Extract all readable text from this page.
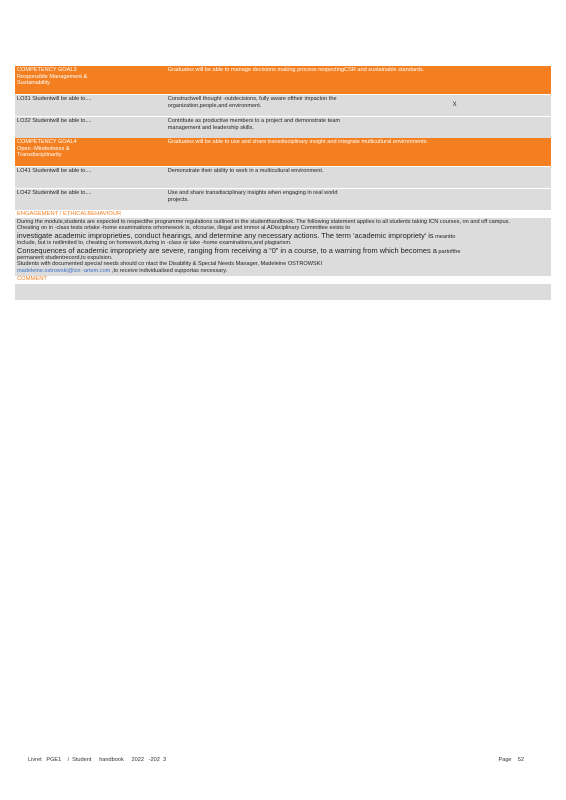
COMPETENCY GOAL3
Responsible Management &
Sustainability	Graduates will be able to manage decisions making process respectingCSR and sustainable standards.	
LO31 Studentwill be able to....	Constructwell thought -outdecisions, fully aware oftheir impacton the organization,people,and environment.	X
LO32 Studentwill be able to....	Contribute as productive members to a project and demonstrate team management and leadership skills.	
COMPETENCY GOAL4
Open -Mindedness &
Transdisciplinarity	Graduates will be able to use and share transdisciplinary insight and integrate multicultural environments.	
LO41 Studentwill be able to....	Demonstrate their ability to work in a multicultural environment.	
LO42 Studentwill be able to....	Use and share transdisciplinary insights when engaging in real world projects.	
ENGAGEMENT / ETHICALBEHAVIOUR

During the module,students are expected to respectthe programme regulations outlined in the studenthandbook. The following statement applies to all students taking ICN courses, on and off campus.

Cheating on in -class tests ortake -home examinations orhomework is, ofcourse, illegal and immor al.ADisciplinary Committee exists to

investigate academic improprieties, conduct hearings, and determine any necessary actions. The term ‘academic impropriety’ is meantto

include, but is notlimited to, cheating on homework,during in -class or take -home examinations,and plagiarism.

Consequences of academic impropriety are severe, ranging from receiving a “0” in a course, to a warning from which becomes a partofthe

permanent studentrecord,to expulsion.

Students with documented special needs should co ntact the Disability & Special Needs Manager, Madeleine OSTROWSKI

madeleine.ostrowski@icn -artem.com ,to receive individualised supportas necessary.

COMMENT
Livret   PGE1    /  Student     handbook     2022   -202  3	Page    52
